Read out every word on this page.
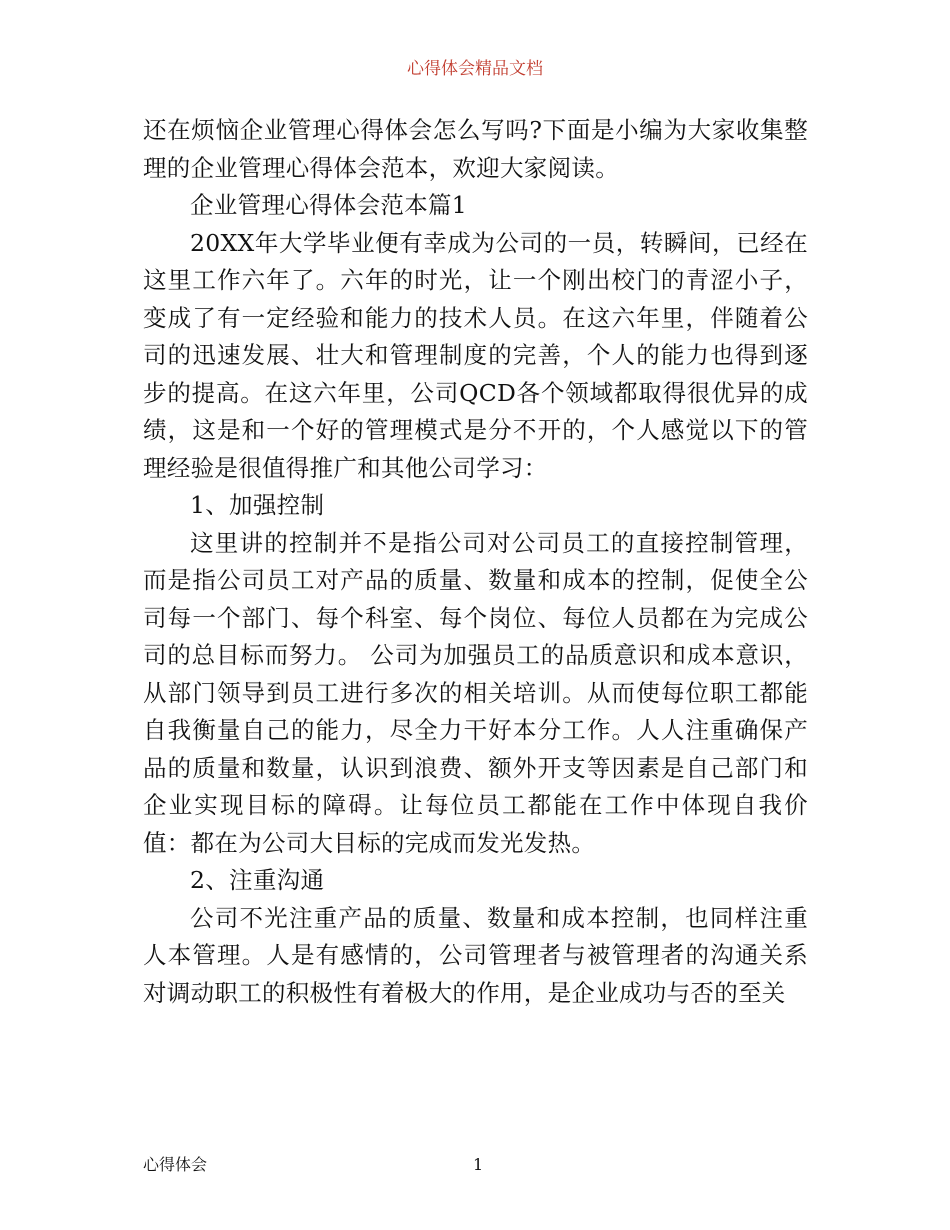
心得体会精品文档

还在烦恼企业管理心得体会怎么写吗?下面是小编为大家收集整理的企业管理心得体会范本，欢迎大家阅读。

企业管理心得体会范本篇1

20XX年大学毕业便有幸成为公司的一员，转瞬间，已经在这里工作六年了。六年的时光，让一个刚出校门的青涩小子，变成了有一定经验和能力的技术人员。在这六年里，伴随着公司的迅速发展、壮大和管理制度的完善，个人的能力也得到逐步的提高。在这六年里，公司QCD各个领域都取得很优异的成绩，这是和一个好的管理模式是分不开的，个人感觉以下的管理经验是很值得推广和其他公司学习：

1、加强控制

这里讲的控制并不是指公司对公司员工的直接控制管理，而是指公司员工对产品的质量、数量和成本的控制，促使全公司每一个部门、每个科室、每个岗位、每位人员都在为完成公司的总目标而努力。 公司为加强员工的品质意识和成本意识，从部门领导到员工进行多次的相关培训。从而使每位职工都能自我衡量自己的能力，尽全力干好本分工作。人人注重确保产品的质量和数量，认识到浪费、额外开支等因素是自己部门和企业实现目标的障碍。让每位员工都能在工作中体现自我价值：都在为公司大目标的完成而发光发热。

2、注重沟通

公司不光注重产品的质量、数量和成本控制，也同样注重人本管理。人是有感情的，公司管理者与被管理者的沟通关系对调动职工的积极性有着极大的作用，是企业成功与否的至关

心得体会	1
